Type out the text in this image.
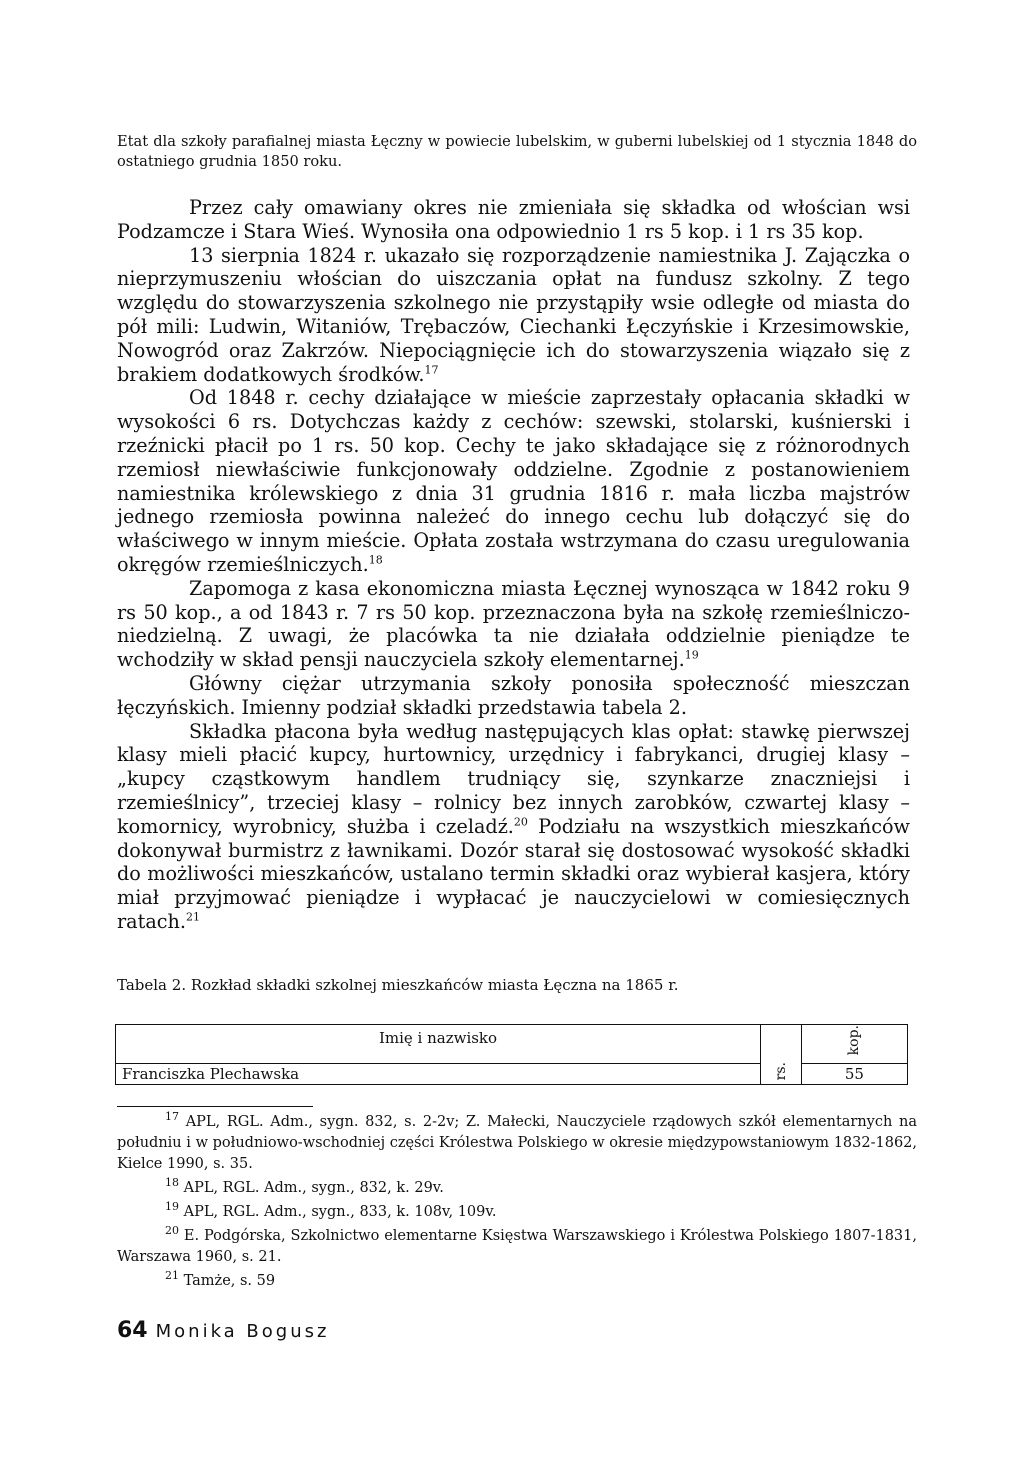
Etat dla szkoły parafialnej miasta Łęczny w powiecie lubelskim, w guberni lubelskiej od 1 stycznia 1848 do ostatniego grudnia 1850 roku.

Przez cały omawiany okres nie zmieniała się składka od włościan wsi Podzamcze i Stara Wieś. Wynosiła ona odpowiednio 1 rs 5 kop. i 1 rs 35 kop.

13 sierpnia 1824 r. ukazało się rozporządzenie namiestnika J. Zajączka o nieprzymuszeniu włościan do uiszczania opłat na fundusz szkolny. Z tego względu do stowarzyszenia szkolnego nie przystąpiły wsie odległe od miasta do pół mili: Ludwin, Witaniów, Trębaczów, Ciechanki Łęczyńskie i Krzesimowskie, Nowogród oraz Zakrzów. Niepociągnięcie ich do stowarzyszenia wiązało się z brakiem dodatkowych środków.$^{17}$

Od 1848 r. cechy działające w mieście zaprzestały opłacania składki w wysokości 6 rs. Dotychczas każdy z cechów: szewski, stolarski, kuśnierski i rzeźnicki płacił po 1 rs. 50 kop. Cechy te jako składające się z różnorodnych rzemiosł niewłaściwie funkcjonowały oddzielne. Zgodnie z postanowieniem namiestnika królewskiego z dnia 31 grudnia 1816 r. mała liczba majstrów jednego rzemiosła powinna należeć do innego cechu lub dołączyć się do właściwego w innym mieście. Opłata została wstrzymana do czasu uregulowania okręgów rzemieślniczych.$^{18}$

Zapomoga z kasa ekonomiczna miasta Łęcznej wynosząca w 1842 roku 9 rs 50 kop., a od 1843 r. 7 rs 50 kop. przeznaczona była na szkołę rzemieślniczo-niedzielną. Z uwagi, że placówka ta nie działała oddzielnie pieniądze te wchodziły w skład pensji nauczyciela szkoły elementarnej.$^{19}$

Główny ciężar utrzymania szkoły ponosiła społeczność mieszczan łęczyńskich. Imienny podział składki przedstawia tabela 2.

Składka płacona była według następujących klas opłat: stawkę pierwszej klasy mieli płacić kupcy, hurtownicy, urzędnicy i fabrykanci, drugiej klasy – „kupcy cząstkowym handlem trudniący się, szynkarze znaczniejsi i rzemieślnicy”, trzeciej klasy – rolnicy bez innych zarobków, czwartej klasy – komornicy, wyrobnicy, służba i czeladź.$^{20}$ Podziału na wszystkich mieszkańców dokonywał burmistrz z ławnikami. Dozór starał się dostosować wysokość składki do możliwości mieszkańców, ustalano termin składki oraz wybierał kasjera, który miał przyjmować pieniądze i wypłacać je nauczycielowi w comiesięcznych ratach.$^{21}$

Tabela 2. Rozkład składki szkolnej mieszkańców miasta Łęczna na 1865 r.
Imię i nazwisko	rs.	kop.
Franciszka Plechawska		55

$^{17}$ APL, RGL. Adm., sygn. 832, s. 2-2v; Z. Małecki, Nauczyciele rządowych szkół elementarnych na południu i w południowo-wschodniej części Królestwa Polskiego w okresie międzypowstaniowym 1832-1862, Kielce 1990, s. 35.

$^{18}$ APL, RGL. Adm., sygn., 832, k. 29v.

$^{19}$ APL, RGL. Adm., sygn., 833, k. 108v, 109v.

$^{20}$ E. Podgórska, Szkolnictwo elementarne Księstwa Warszawskiego i Królestwa Polskiego 1807-1831, Warszawa 1960, s. 21.

$^{21}$ Tamże, s. 59

64 Monika Bogusz
